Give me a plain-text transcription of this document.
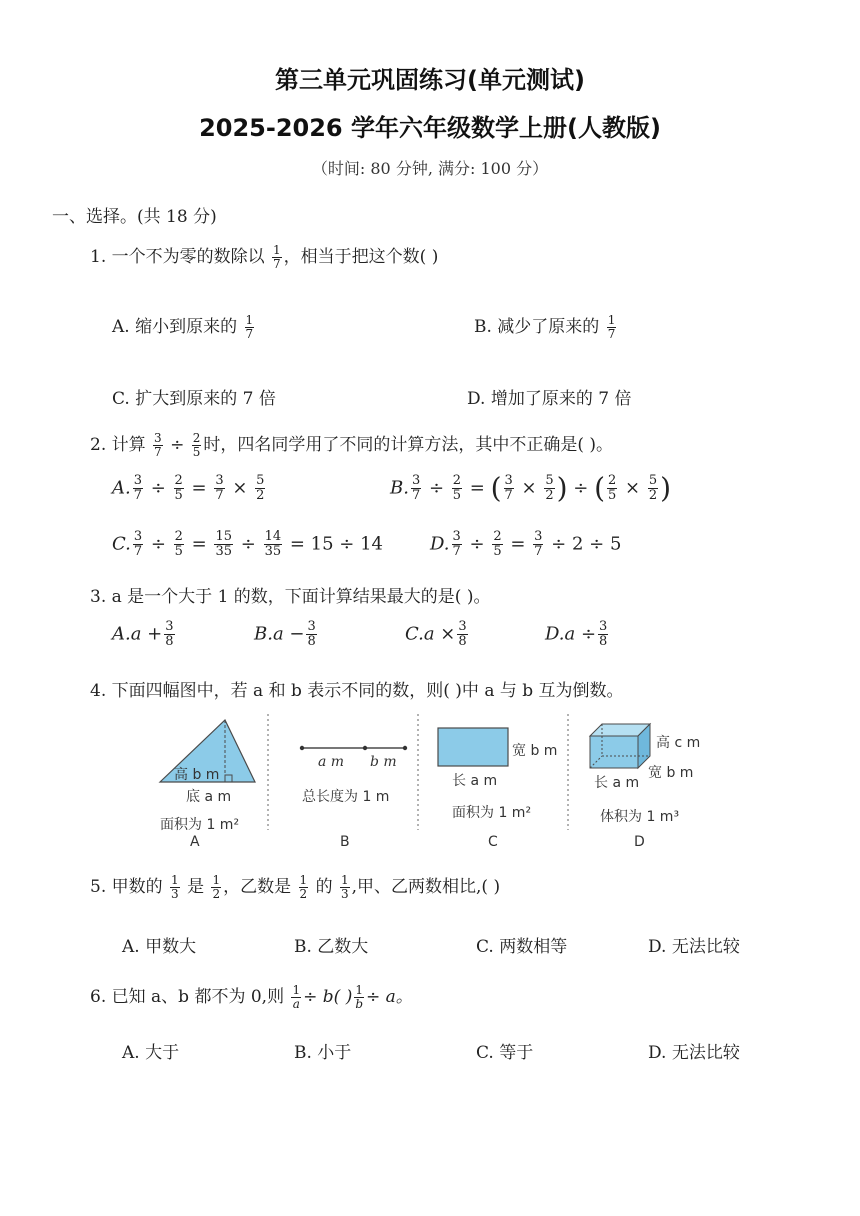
第三单元巩固练习(单元测试)
2025-2026 学年六年级数学上册(人教版)
（时间: 80 分钟, 满分: 100 分）
一、选择。(共 18 分)
1. 一个不为零的数除以 $\frac{1}{7}$ ，相当于把这个数( )
A. 缩小到原来的 $\frac{1}{7}$	B. 减少了原来的 $\frac{1}{7}$
C. 扩大到原来的 7 倍	D. 增加了原来的 7 倍
2. 计算 $\frac{3}{7} \div \frac{2}{5}$ 时，四名同学用了不同的计算方法，其中不正确是( )。
A. $\frac{3}{7} \div \frac{2}{5} = \frac{3}{7} \times \frac{5}{2}$	B. $\frac{3}{7} \div \frac{2}{5}$ = ( $\frac{3}{7} \times \frac{5}{2}$ ) ÷ ( $\frac{2}{5} \times \frac{5}{2}$ )
C. $\frac{3}{7} \div \frac{2}{5} = \frac{15}{35} \div \frac{14}{35} = 15 \div 14$	D. $\frac{3}{7} \div \frac{2}{5} = \frac{3}{7} \div 2 \div 5$
3. a 是一个大于 1 的数，下面计算结果最大的是( )。
$A.a + \frac{3}{8}$	$B.a - \frac{3}{8}$	$C.a \times \frac{3}{8}$	$D.a \div \frac{3}{8}$
4. 下面四幅图中，若 a 和 b 表示不同的数，则( )中 a 与 b 互为倒数。
高 b m
底 a m
面积为 1 m²
A
a m b m
总长度为 1 m
B
宽 b m
长 a m
面积为 1 m²
C
高 c m
长 a m
宽 b m
体积为 1 m³
D
5. 甲数的 $\frac{1}{3}$ 是 $\frac{1}{2}$ ，乙数是 $\frac{1}{2}$ 的 $\frac{1}{3}$ ,甲、乙两数相比,( )
A. 甲数大	B. 乙数大	C. 两数相等	D. 无法比较
6. 已知 a、b 都不为 0,则 $\frac{1}{a} \div b$( ) $\frac{1}{b} \div a$。
A. 大于	B. 小于	C. 等于	D. 无法比较
